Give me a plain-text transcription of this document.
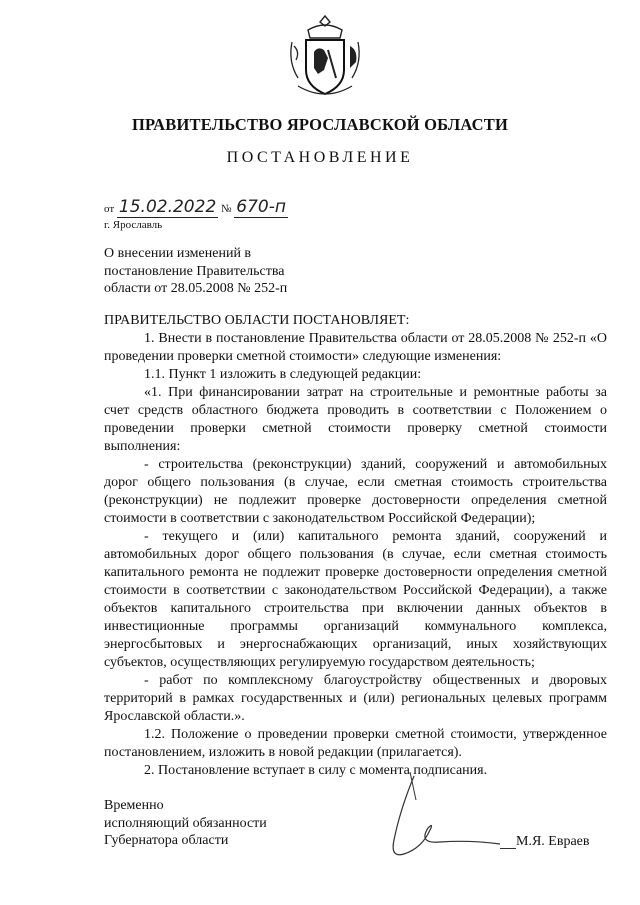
ПРАВИТЕЛЬСТВО ЯРОСЛАВСКОЙ ОБЛАСТИ
ПОСТАНОВЛЕНИЕ
от 15.02.2022 № 670-п
г. Ярославль
О внесении изменений в
постановление Правительства
области от 28.05.2008 № 252-п

ПРАВИТЕЛЬСТВО ОБЛАСТИ ПОСТАНОВЛЯЕТ:

1. Внести в постановление Правительства области от 28.05.2008 № 252-п «О проведении проверки сметной стоимости» следующие изменения:

1.1. Пункт 1 изложить в следующей редакции:

«1. При финансировании затрат на строительные и ремонтные работы за счет средств областного бюджета проводить в соответствии с Положением о проведении проверки сметной стоимости проверку сметной стоимости выполнения:

- строительства (реконструкции) зданий, сооружений и автомобильных дорог общего пользования (в случае, если сметная стоимость строительства (реконструкции) не подлежит проверке достоверности определения сметной стоимости в соответствии с законодательством Российской Федерации);

- текущего и (или) капитального ремонта зданий, сооружений и автомобильных дорог общего пользования (в случае, если сметная стоимость капитального ремонта не подлежит проверке достоверности определения сметной стоимости в соответствии с законодательством Российской Федерации), а также объектов капитального строительства при включении данных объектов в инвестиционные программы организаций коммунального комплекса, энергосбытовых и энергоснабжающих организаций, иных хозяйствующих субъектов, осуществляющих регулируемую государством деятельность;

- работ по комплексному благоустройству общественных и дворовых территорий в рамках государственных и (или) региональных целевых программ Ярославской области.».

1.2. Положение о проведении проверки сметной стоимости, утвержденное постановлением, изложить в новой редакции (прилагается).

2. Постановление вступает в силу с момента подписания.

Временно
исполняющий обязанности
Губернатора области	М.Я. Евраев
